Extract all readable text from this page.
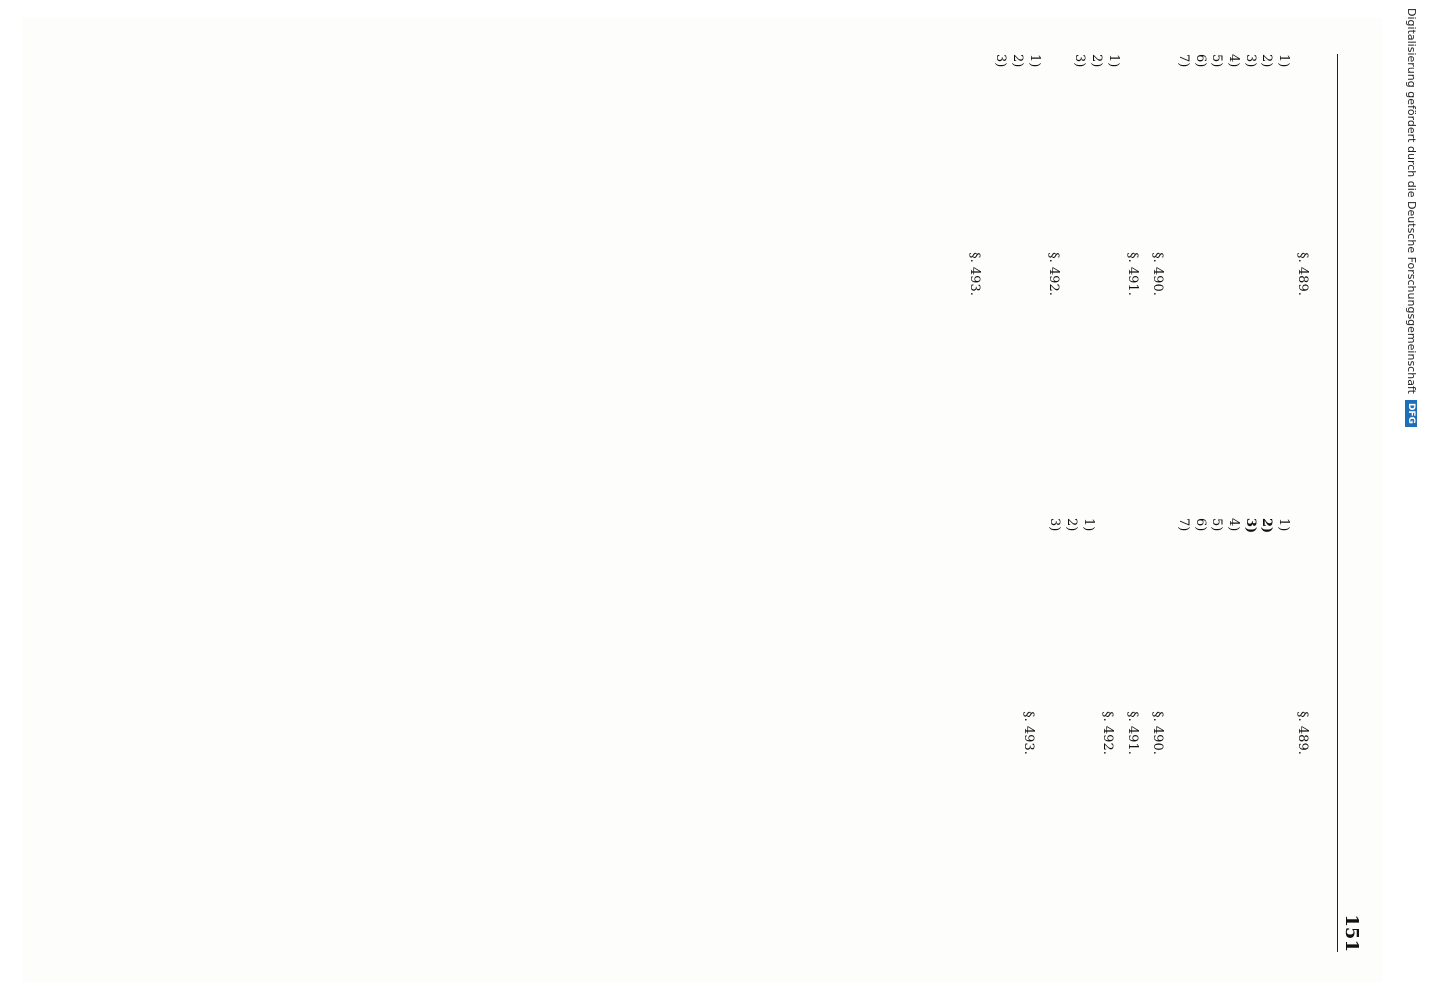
151
§. 489.
1)
2)
3)
4)
5)
6)
7)
§. 490.
§. 491.
1)
2)
3)
§. 492.
1)
2)
3)
§. 493.
§. 489.
1)
2)
3)
4)
5)
6)
7)
§. 490.
§. 491.
§. 492.
1)
2)
3)
§. 493.
Digitalisierung gefördert durch die Deutsche ForschungsgemeinschaftDFG
